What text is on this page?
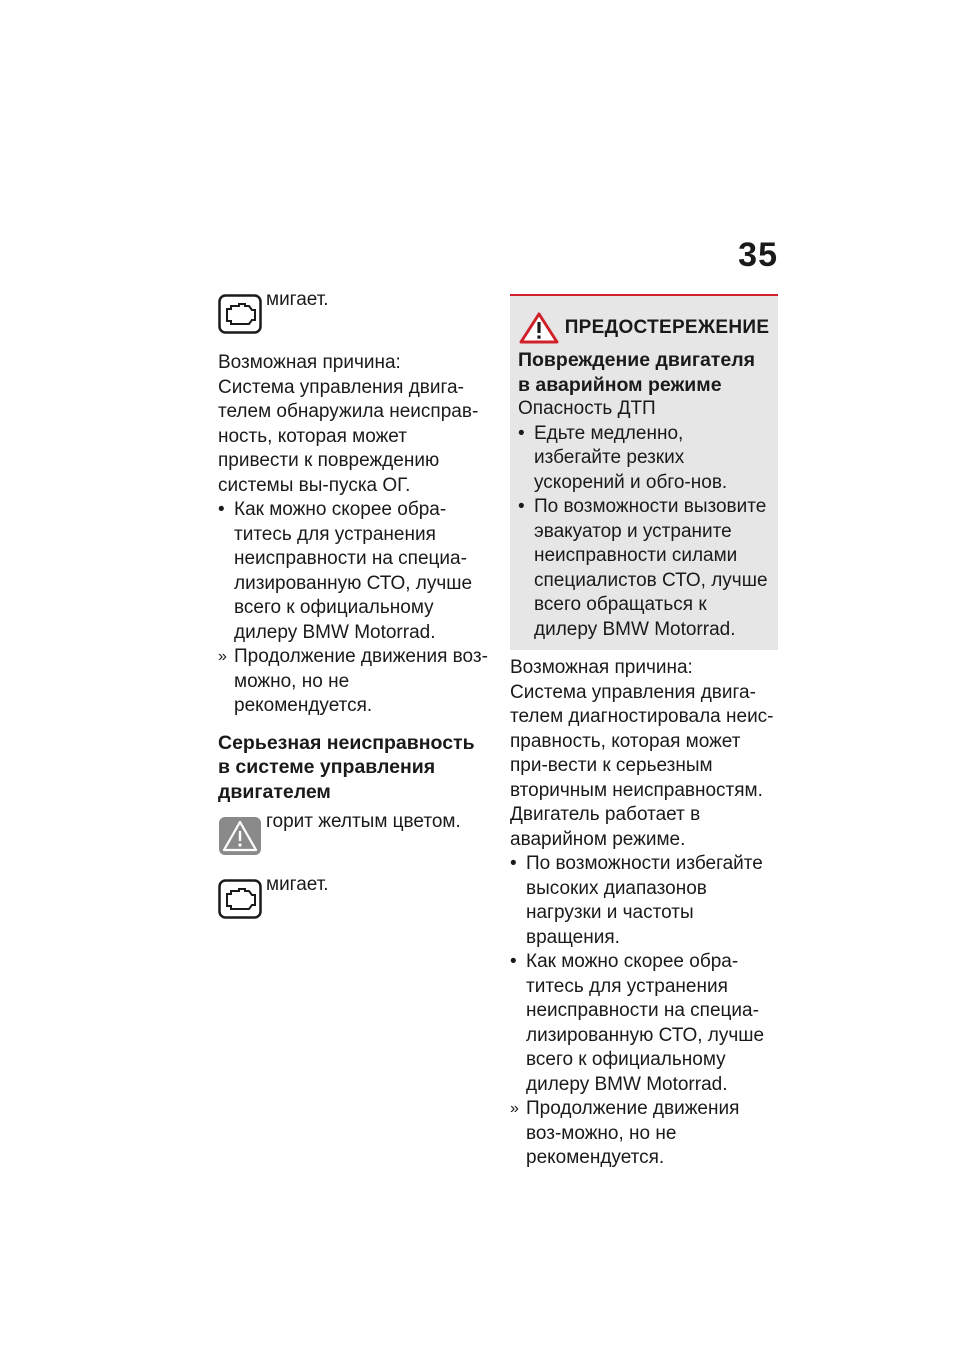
35

мигает.

Возможная причина:

Система управления двига-телем обнаружила неисправ-ность, которая может привести к повреждению системы вы-пуска ОГ.

• Как можно скорее обра-титесь для устранения неисправности на специа-лизированную СТО, лучше всего к официальному дилеру BMW Motorrad.
» Продолжение движения воз-можно, но не рекомендуется.

Серьезная неисправность в системе управления двигателем

горит желтым цветом.

мигает.

ПРЕДОСТЕРЕЖЕНИЕ

Повреждение двигателя в аварийном режиме

Опасность ДТП

• Едьте медленно, избегайте резких ускорений и обго-нов.
• По возможности вызовите эвакуатор и устраните неисправности силами специалистов СТО, лучше всего обращаться к дилеру BMW Motorrad.

Возможная причина:

Система управления двига-телем диагностировала неис-правность, которая может при-вести к серьезным вторичным неисправностям. Двигатель работает в аварийном режиме.

• По возможности избегайте высоких диапазонов нагрузки и частоты вращения.
• Как можно скорее обра-титесь для устранения неисправности на специа-лизированную СТО, лучше всего к официальному дилеру BMW Motorrad.
» Продолжение движения воз-можно, но не рекомендуется.
